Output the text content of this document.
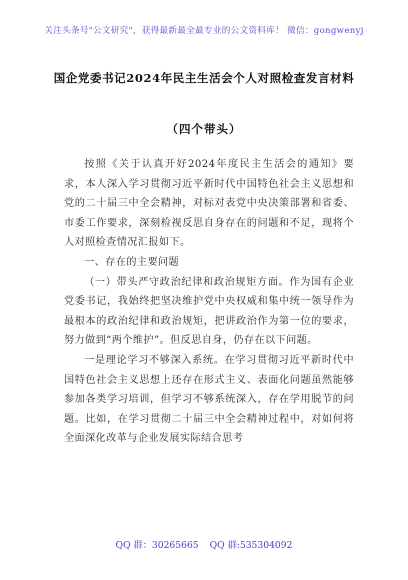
关注头条号"公文研究"，获得最新最全最专业的公文资料库！ 微信：gongwenyj
国企党委书记2024年民主生活会个人对照检查发言材料
（四个带头）

按照《关于认真开好2024年度民主生活会的通知》要求，本人深入学习贯彻习近平新时代中国特色社会主义思想和党的二十届三中全会精神，对标对表党中央决策部署和省委、市委工作要求，深刻检视反思自身存在的问题和不足，现将个人对照检查情况汇报如下。

一、存在的主要问题

（一）带头严守政治纪律和政治规矩方面。作为国有企业党委书记，我始终把坚决维护党中央权威和集中统一领导作为最根本的政治纪律和政治规矩，把讲政治作为第一位的要求，努力做到“两个维护”。但反思自身，仍存在以下问题。

一是理论学习不够深入系统。在学习贯彻习近平新时代中国特色社会主义思想上还存在形式主义、表面化问题虽然能够参加各类学习培训，但学习不够系统深入，存在学用脱节的问题。比如，在学习贯彻二十届三中全会精神过程中，对如何将全面深化改革与企业发展实际结合思考

QQ 群：30265665 QQ 群:535304092
